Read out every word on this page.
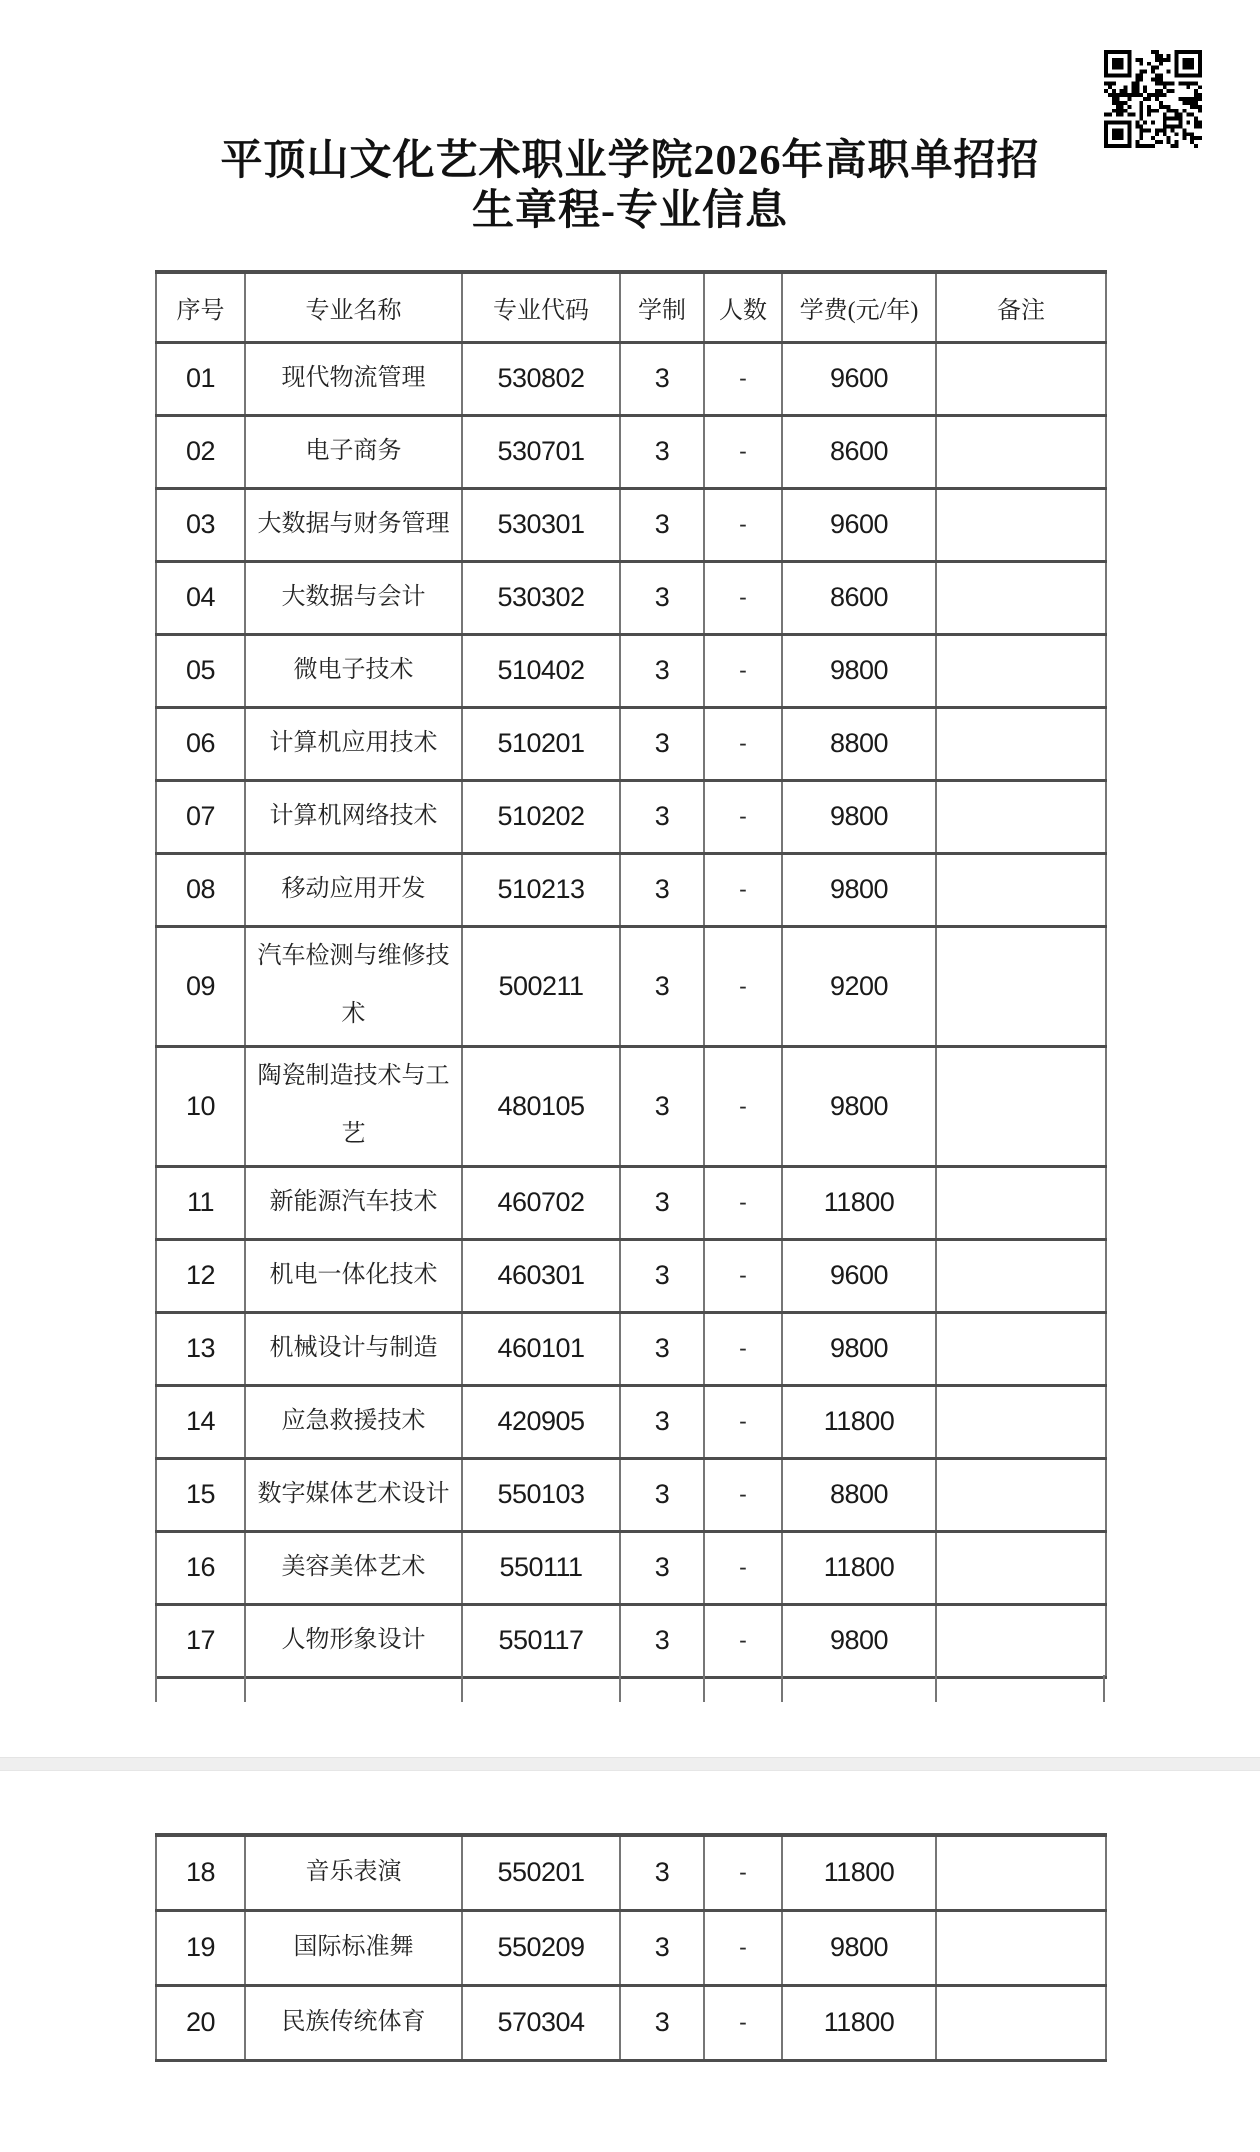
平顶山文化艺术职业学院2026年高职单招招
生章程-专业信息
序号	专业名称	专业代码	学制	人数	学费(元/年)	备注
01	现代物流管理	530802	3	-	9600	
02	电子商务	530701	3	-	8600	
03	大数据与财务管理	530301	3	-	9600	
04	大数据与会计	530302	3	-	8600	
05	微电子技术	510402	3	-	9800	
06	计算机应用技术	510201	3	-	8800	
07	计算机网络技术	510202	3	-	9800	
08	移动应用开发	510213	3	-	9800	
09	汽车检测与维修技术	500211	3	-	9200	
10	陶瓷制造技术与工艺	480105	3	-	9800	
11	新能源汽车技术	460702	3	-	11800	
12	机电一体化技术	460301	3	-	9600	
13	机械设计与制造	460101	3	-	9800	
14	应急救援技术	420905	3	-	11800	
15	数字媒体艺术设计	550103	3	-	8800	
16	美容美体艺术	550111	3	-	11800	
17	人物形象设计	550117	3	-	9800	
18	音乐表演	550201	3	-	11800	
19	国际标准舞	550209	3	-	9800	
20	民族传统体育	570304	3	-	11800	
